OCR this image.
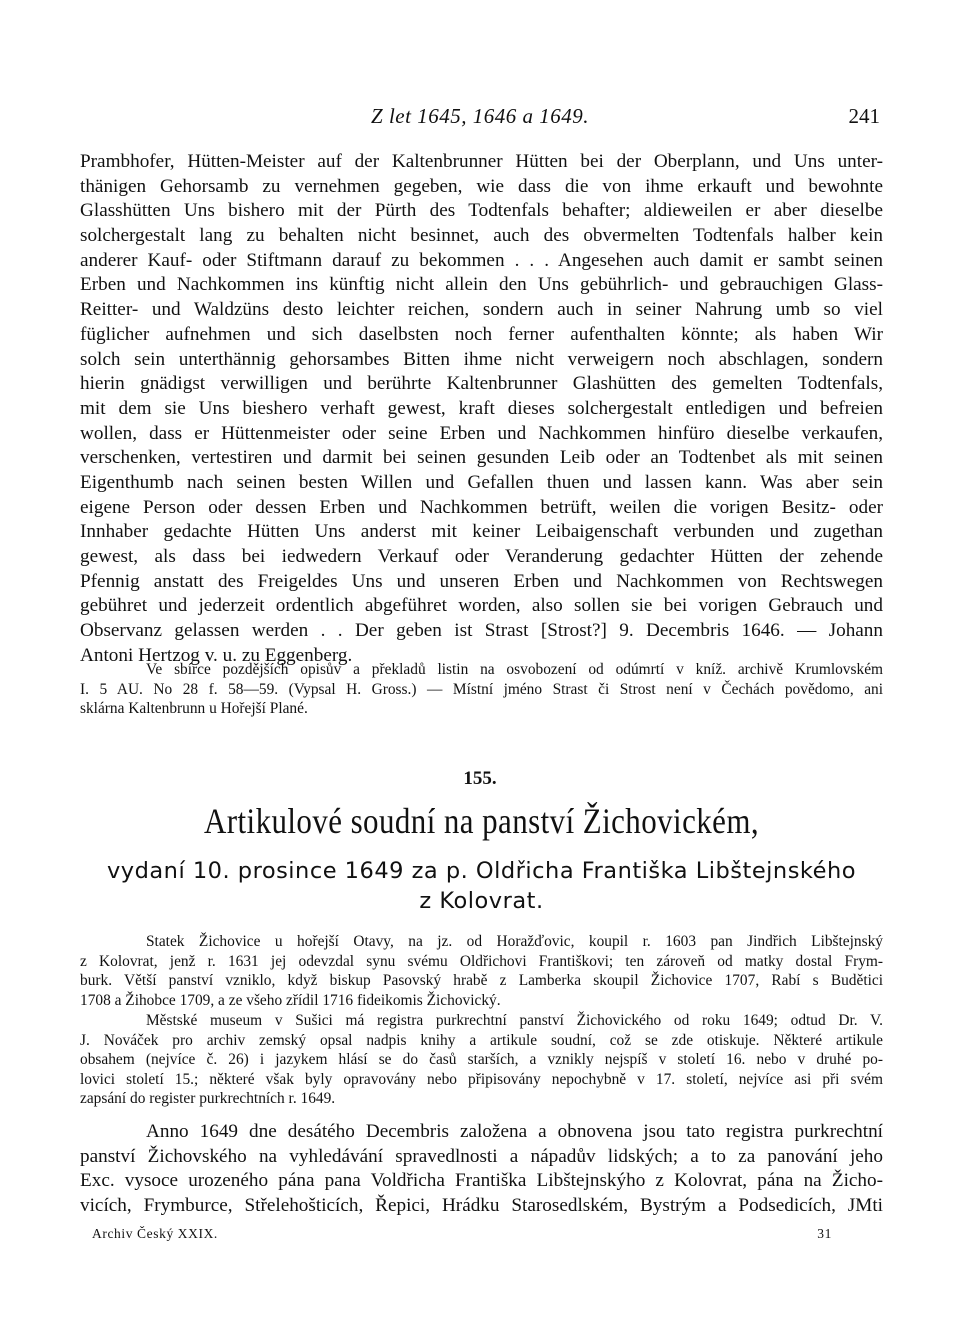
Z let 1645, 1646 a 1649.	241
Prambhofer, Hütten-Meister auf der Kaltenbrunner Hütten bei der Oberplann, und Uns unter-
thänigen Gehorsamb zu vernehmen gegeben, wie dass die von ihme erkauft und bewohnte
Glasshütten Uns bishero mit der Pürth des Todtenfals behafter; aldieweilen er aber dieselbe
solchergestalt lang zu behalten nicht besinnet, auch des obvermelten Todtenfals halber kein
anderer Kauf- oder Stiftmann darauf zu bekommen . . . Angesehen auch damit er sambt seinen
Erben und Nachkommen ins künftig nicht allein den Uns gebührlich- und gebrauchigen Glass-
Reitter- und Waldzüns desto leichter reichen, sondern auch in seiner Nahrung umb so viel
füglicher aufnehmen und sich daselbsten noch ferner aufenthalten könnte; als haben Wir
solch sein unterthännig gehorsambes Bitten ihme nicht verweigern noch abschlagen, sondern
hierin gnädigst verwilligen und berührte Kaltenbrunner Glashütten des gemelten Todtenfals,
mit dem sie Uns bieshero verhaft gewest, kraft dieses solchergestalt entledigen und befreien
wollen, dass er Hüttenmeister oder seine Erben und Nachkommen hinfüro dieselbe verkaufen,
verschenken, vertestiren und darmit bei seinen gesunden Leib oder an Todtenbet als mit seinen
Eigenthumb nach seinen besten Willen und Gefallen thuen und lassen kann. Was aber sein
eigene Person oder dessen Erben und Nachkommen betrüft, weilen die vorigen Besitz- oder
Innhaber gedachte Hütten Uns anderst mit keiner Leibaigenschaft verbunden und zugethan
gewest, als dass bei iedwedern Verkauf oder Veranderung gedachter Hütten der zehende
Pfennig anstatt des Freigeldes Uns und unseren Erben und Nachkommen von Rechtswegen
gebühret und jederzeit ordentlich abgeführet worden, also sollen sie bei vorigen Gebrauch und
Observanz gelassen werden . . Der geben ist Strast [Strost?] 9. Decembris 1646. — Johann
Antoni Hertzog v. u. zu Eggenberg.
Ve sbírce pozdějších opisův a překladů listin na osvobození od odúmrtí v kníž. archivě Krumlovském
I. 5 AU. No 28 f. 58—59. (Vypsal H. Gross.) — Místní jméno Strast či Strost není v Čechách povědomo, ani
sklárna Kaltenbrunn u Hořejší Plané.
155.
Artikulové soudní na panství Žichovickém,
vydaní 10. prosince 1649 za p. Oldřicha Františka Libštejnského
z Kolovrat.
Statek Žichovice u hořejší Otavy, na jz. od Horažďovic, koupil r. 1603 pan Jindřich Libštejnský
z Kolovrat, jenž r. 1631 jej odevzdal synu svému Oldřichovi Františkovi; ten zároveň od matky dostal Frym-
burk. Větší panství vzniklo, když biskup Pasovský hrabě z Lamberka skoupil Žichovice 1707, Rabí s Budětici
1708 a Žihobce 1709, a ze všeho zřídil 1716 fideikomis Žichovický.
Městské museum v Sušici má registra purkrechtní panství Žichovického od roku 1649; odtud Dr. V.
J. Nováček pro archiv zemský opsal nadpis knihy a artikule soudní, což se zde otiskuje. Některé artikule
obsahem (nejvíce č. 26) i jazykem hlásí se do časů starších, a vznikly nejspíš v století 16. nebo v druhé po-
lovici století 15.; některé však byly opravovány nebo připisovány nepochybně v 17. století, nejvíce asi při svém
zapsání do register purkrechtních r. 1649.
Anno 1649 dne desátého Decembris založena a obnovena jsou tato registra purkrechtní
panství Žichovského na vyhledávání spravedlnosti a nápadův lidských; a to za panování jeho
Exc. vysoce urozeného pána pana Voldřicha Františka Libštejnskýho z Kolovrat, pána na Žicho-
vicích, Frymburce, Střelehošticích, Řepici, Hrádku Starosedlském, Bystrým a Podsedicích, JMti
Archiv Český XXIX.	31
